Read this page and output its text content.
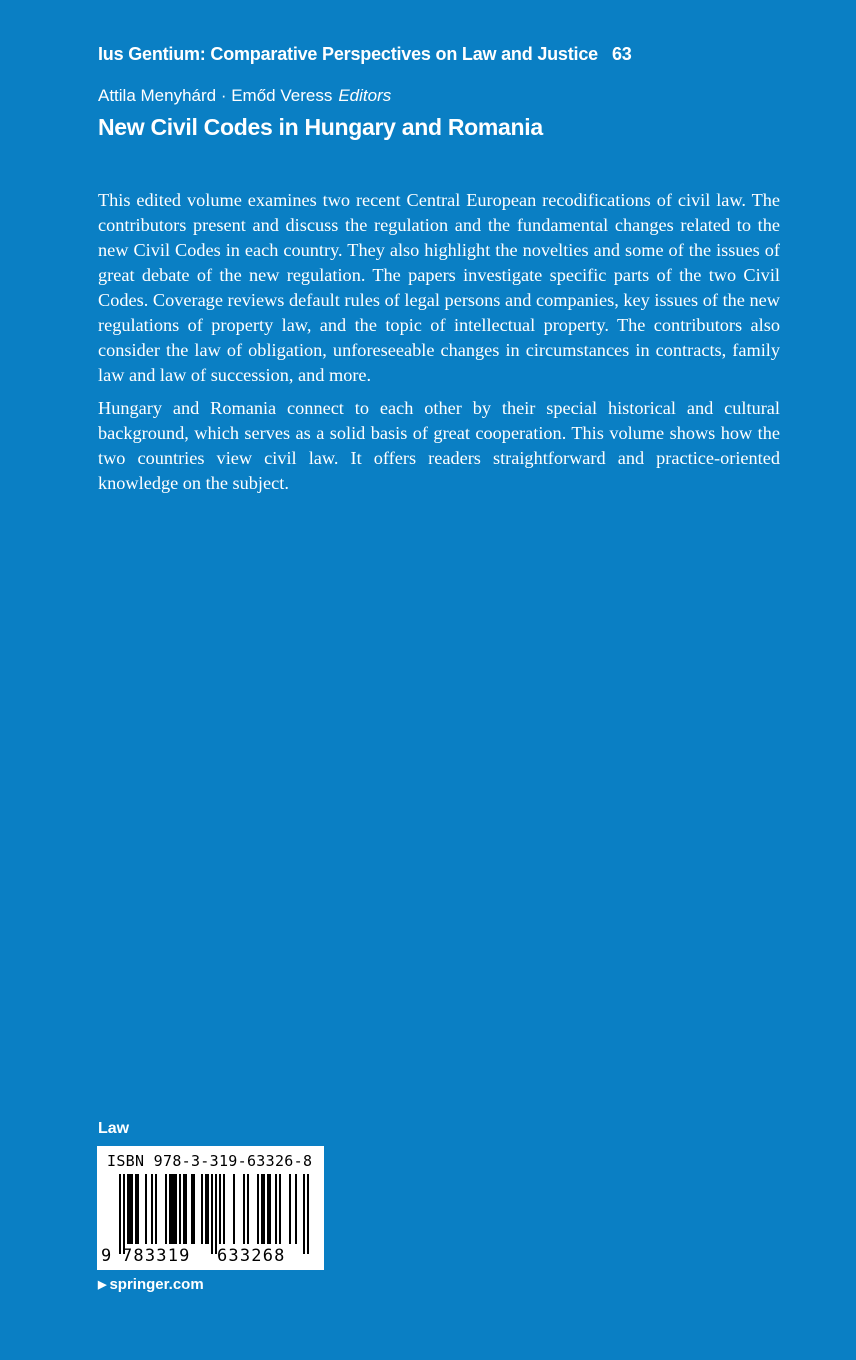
Ius Gentium: Comparative Perspectives on Law and Justice 63
Attila Menyhárd · Emőd Veress Editors
New Civil Codes in Hungary and Romania

This edited volume examines two recent Central European recodifications of civil law. The contributors present and discuss the regulation and the fundamental changes related to the new Civil Codes in each country. They also highlight the novelties and some of the issues of great debate of the new regulation. The papers investigate specific parts of the two Civil Codes. Coverage reviews default rules of legal persons and companies, key issues of the new regulations of property law, and the topic of intellectual property. The contributors also consider the law of obligation, unforeseeable changes in circumstances in contracts, family law and law of succession, and more.

Hungary and Romania connect to each other by their special historical and cultural background, which serves as a solid basis of great cooperation. This volume shows how the two countries view civil law. It offers readers straightforward and practice-oriented knowledge on the subject.

Law
ISBN 978-3-319-63326-8
9 783319 633268
▶ springer.com
